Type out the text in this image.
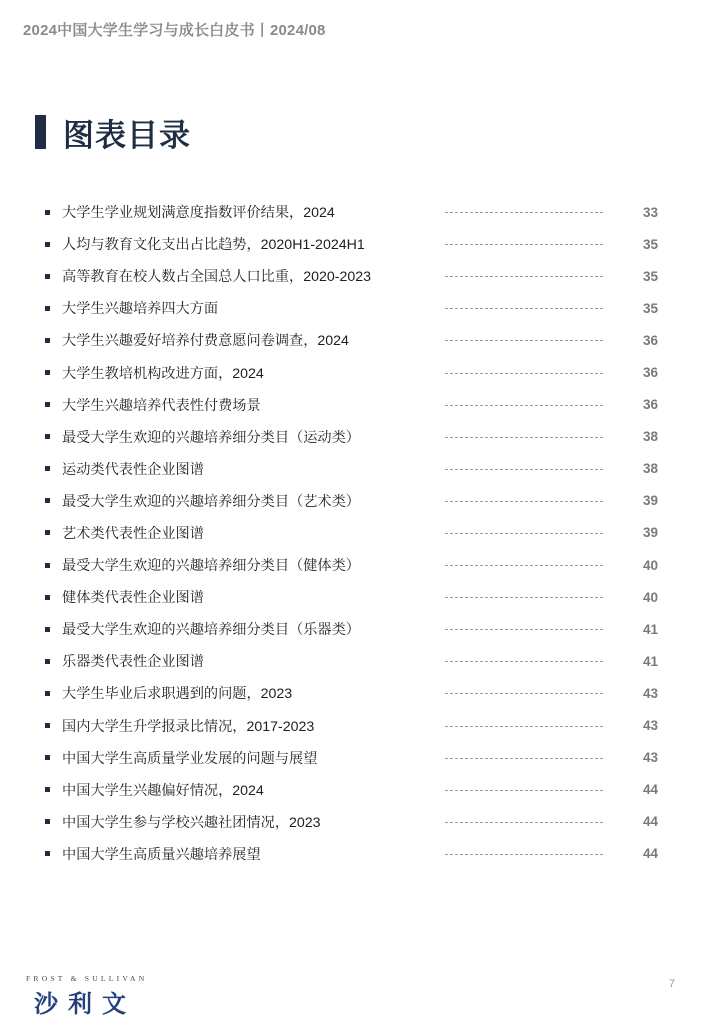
2024中国大学生学习与成长白皮书丨2024/08
图表目录
大学生学业规划满意度指数评价结果，2024	33
人均与教育文化支出占比趋势，2020H1-2024H1	35
高等教育在校人数占全国总人口比重，2020-2023	35
大学生兴趣培养四大方面	35
大学生兴趣爱好培养付费意愿问卷调查，2024	36
大学生教培机构改进方面，2024	36
大学生兴趣培养代表性付费场景	36
最受大学生欢迎的兴趣培养细分类目（运动类）	38
运动类代表性企业图谱	38
最受大学生欢迎的兴趣培养细分类目（艺术类）	39
艺术类代表性企业图谱	39
最受大学生欢迎的兴趣培养细分类目（健体类）	40
健体类代表性企业图谱	40
最受大学生欢迎的兴趣培养细分类目（乐器类）	41
乐器类代表性企业图谱	41
大学生毕业后求职遇到的问题，2023	43
国内大学生升学报录比情况，2017-2023	43
中国大学生高质量学业发展的问题与展望	43
中国大学生兴趣偏好情况，2024	44
中国大学生参与学校兴趣社团情况，2023	44
中国大学生高质量兴趣培养展望	44
FROST & SULLIVAN
沙利文
7
